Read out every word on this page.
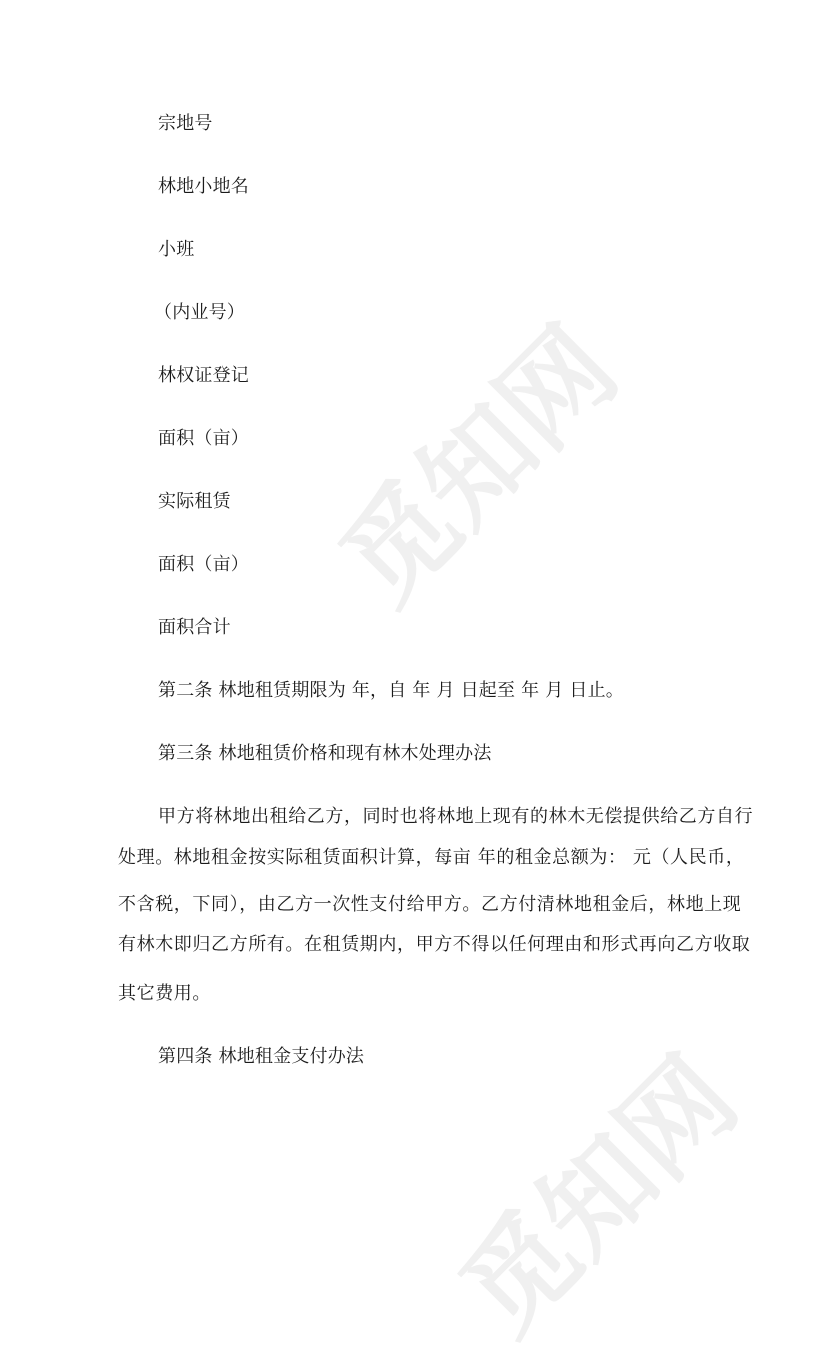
觅知网
觅知网
宗地号
林地小地名
小班
（内业号）
林权证登记
面积（亩）
实际租赁
面积（亩）
面积合计
第二条 林地租赁期限为 年，自 年 月 日起至 年 月 日止。
第三条 林地租赁价格和现有林木处理办法
甲方将林地出租给乙方，同时也将林地上现有的林木无偿提供给乙方自行
处理。林地租金按实际租赁面积计算，每亩 年的租金总额为： 元（人民币，
不含税，下同），由乙方一次性支付给甲方。乙方付清林地租金后，林地上现
有林木即归乙方所有。在租赁期内，甲方不得以任何理由和形式再向乙方收取
其它费用。
第四条 林地租金支付办法
